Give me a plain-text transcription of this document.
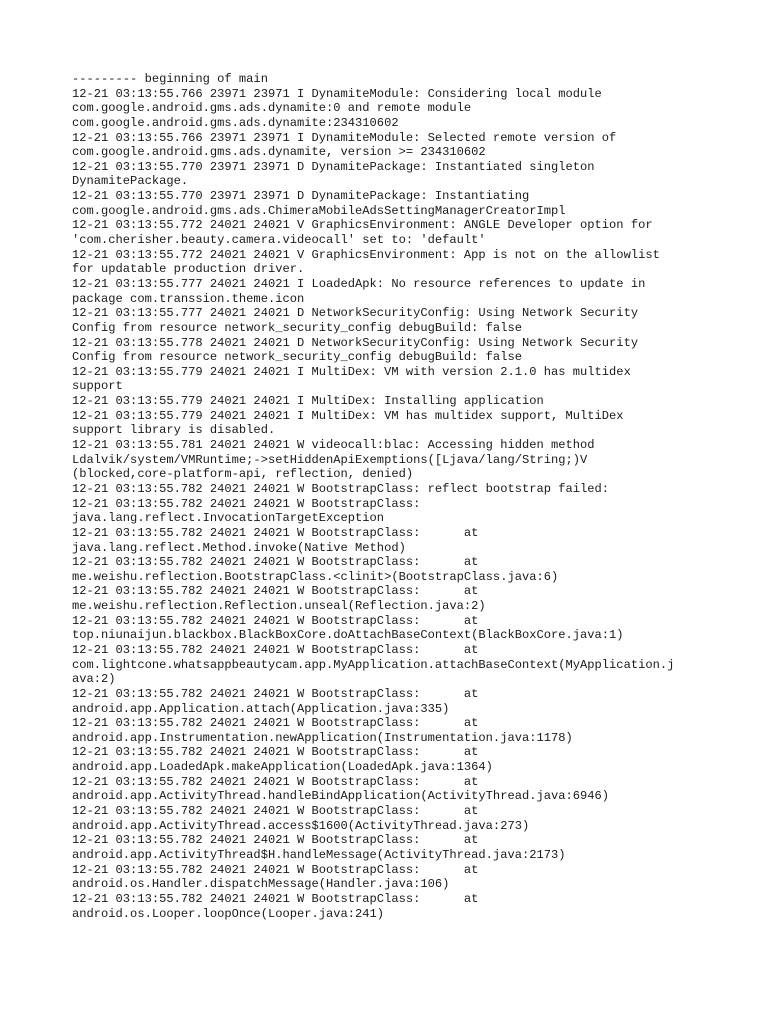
--------- beginning of main
12-21 03:13:55.766 23971 23971 I DynamiteModule: Considering local module
com.google.android.gms.ads.dynamite:0 and remote module
com.google.android.gms.ads.dynamite:234310602
12-21 03:13:55.766 23971 23971 I DynamiteModule: Selected remote version of
com.google.android.gms.ads.dynamite, version >= 234310602
12-21 03:13:55.770 23971 23971 D DynamitePackage: Instantiated singleton
DynamitePackage.
12-21 03:13:55.770 23971 23971 D DynamitePackage: Instantiating
com.google.android.gms.ads.ChimeraMobileAdsSettingManagerCreatorImpl
12-21 03:13:55.772 24021 24021 V GraphicsEnvironment: ANGLE Developer option for
'com.cherisher.beauty.camera.videocall' set to: 'default'
12-21 03:13:55.772 24021 24021 V GraphicsEnvironment: App is not on the allowlist
for updatable production driver.
12-21 03:13:55.777 24021 24021 I LoadedApk: No resource references to update in
package com.transsion.theme.icon
12-21 03:13:55.777 24021 24021 D NetworkSecurityConfig: Using Network Security
Config from resource network_security_config debugBuild: false
12-21 03:13:55.778 24021 24021 D NetworkSecurityConfig: Using Network Security
Config from resource network_security_config debugBuild: false
12-21 03:13:55.779 24021 24021 I MultiDex: VM with version 2.1.0 has multidex
support
12-21 03:13:55.779 24021 24021 I MultiDex: Installing application
12-21 03:13:55.779 24021 24021 I MultiDex: VM has multidex support, MultiDex
support library is disabled.
12-21 03:13:55.781 24021 24021 W videocall:blac: Accessing hidden method
Ldalvik/system/VMRuntime;->setHiddenApiExemptions([Ljava/lang/String;)V
(blocked,core-platform-api, reflection, denied)
12-21 03:13:55.782 24021 24021 W BootstrapClass: reflect bootstrap failed:
12-21 03:13:55.782 24021 24021 W BootstrapClass:
java.lang.reflect.InvocationTargetException
12-21 03:13:55.782 24021 24021 W BootstrapClass:      at
java.lang.reflect.Method.invoke(Native Method)
12-21 03:13:55.782 24021 24021 W BootstrapClass:      at
me.weishu.reflection.BootstrapClass.<clinit>(BootstrapClass.java:6)
12-21 03:13:55.782 24021 24021 W BootstrapClass:      at
me.weishu.reflection.Reflection.unseal(Reflection.java:2)
12-21 03:13:55.782 24021 24021 W BootstrapClass:      at
top.niunaijun.blackbox.BlackBoxCore.doAttachBaseContext(BlackBoxCore.java:1)
12-21 03:13:55.782 24021 24021 W BootstrapClass:      at
com.lightcone.whatsappbeautycam.app.MyApplication.attachBaseContext(MyApplication.j
ava:2)
12-21 03:13:55.782 24021 24021 W BootstrapClass:      at
android.app.Application.attach(Application.java:335)
12-21 03:13:55.782 24021 24021 W BootstrapClass:      at
android.app.Instrumentation.newApplication(Instrumentation.java:1178)
12-21 03:13:55.782 24021 24021 W BootstrapClass:      at
android.app.LoadedApk.makeApplication(LoadedApk.java:1364)
12-21 03:13:55.782 24021 24021 W BootstrapClass:      at
android.app.ActivityThread.handleBindApplication(ActivityThread.java:6946)
12-21 03:13:55.782 24021 24021 W BootstrapClass:      at
android.app.ActivityThread.access$1600(ActivityThread.java:273)
12-21 03:13:55.782 24021 24021 W BootstrapClass:      at
android.app.ActivityThread$H.handleMessage(ActivityThread.java:2173)
12-21 03:13:55.782 24021 24021 W BootstrapClass:      at
android.os.Handler.dispatchMessage(Handler.java:106)
12-21 03:13:55.782 24021 24021 W BootstrapClass:      at
android.os.Looper.loopOnce(Looper.java:241)
